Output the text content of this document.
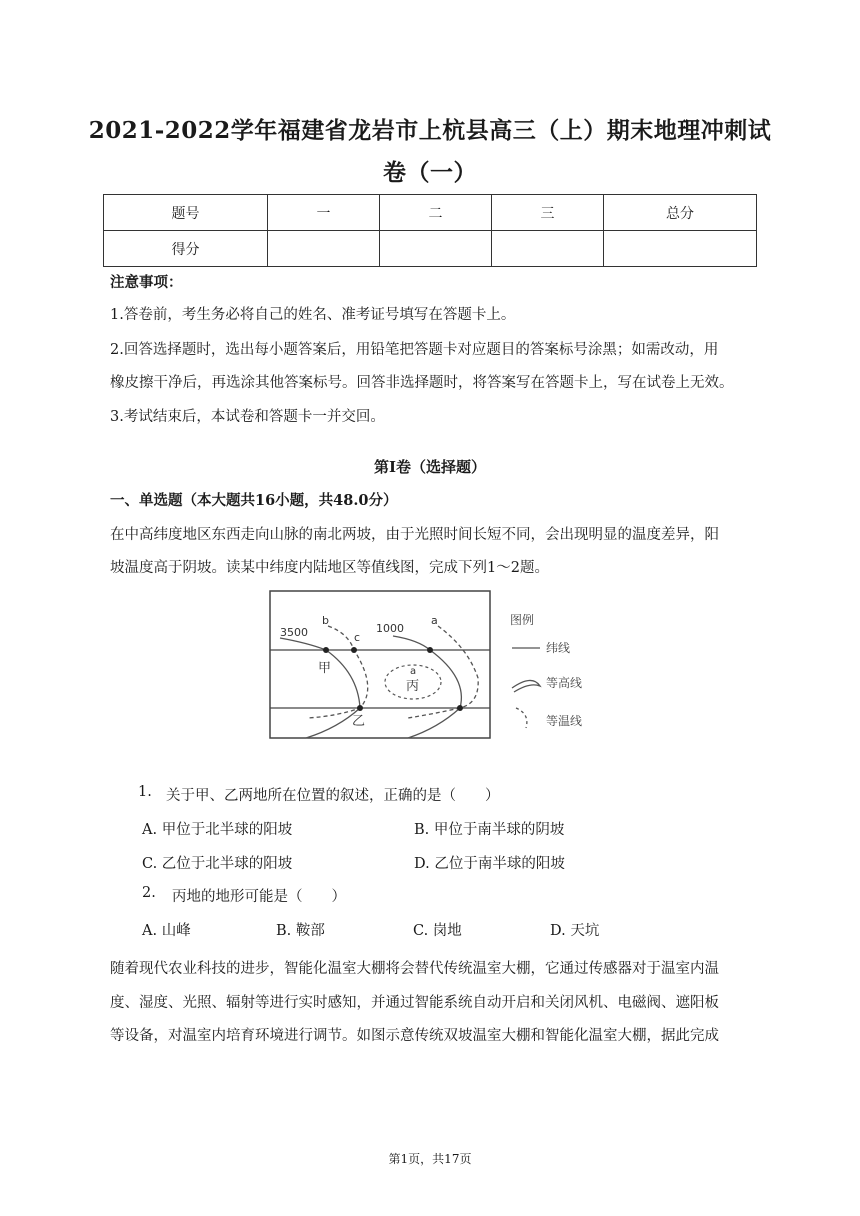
2021-2022学年福建省龙岩市上杭县高三（上）期末地理冲刺试
卷（一）
题号	一	二	三	总分
得分				
注意事项：
1.答卷前，考生务必将自己的姓名、准考证号填写在答题卡上。
2.回答选择题时，选出每小题答案后，用铅笔把答题卡对应题目的答案标号涂黑；如需改动，用
橡皮擦干净后，再选涂其他答案标号。回答非选择题时，将答案写在答题卡上，写在试卷上无效。
3.考试结束后，本试卷和答题卡一并交回。
第I卷（选择题）
一、单选题（本大题共16小题，共48.0分）
在中高纬度地区东西走向山脉的南北两坡，由于光照时间长短不同，会出现明显的温度差异，阳
坡温度高于阴坡。读某中纬度内陆地区等值线图，完成下列1～2题。
3500
b
c
1000
a
甲
乙
a
丙
图例
纬线
等高线
等温线
1. 关于甲、乙两地所在位置的叙述，正确的是（　　）
A. 甲位于北半球的阳坡	B. 甲位于南半球的阴坡
C. 乙位于北半球的阳坡	D. 乙位于南半球的阳坡
2. 丙地的地形可能是（　　）
A. 山峰	B. 鞍部	C. 岗地	D. 天坑
随着现代农业科技的进步，智能化温室大棚将会替代传统温室大棚，它通过传感器对于温室内温
度、湿度、光照、辐射等进行实时感知，并通过智能系统自动开启和关闭风机、电磁阀、遮阳板
等设备，对温室内培育环境进行调节。如图示意传统双坡温室大棚和智能化温室大棚，据此完成
第1页，共17页
